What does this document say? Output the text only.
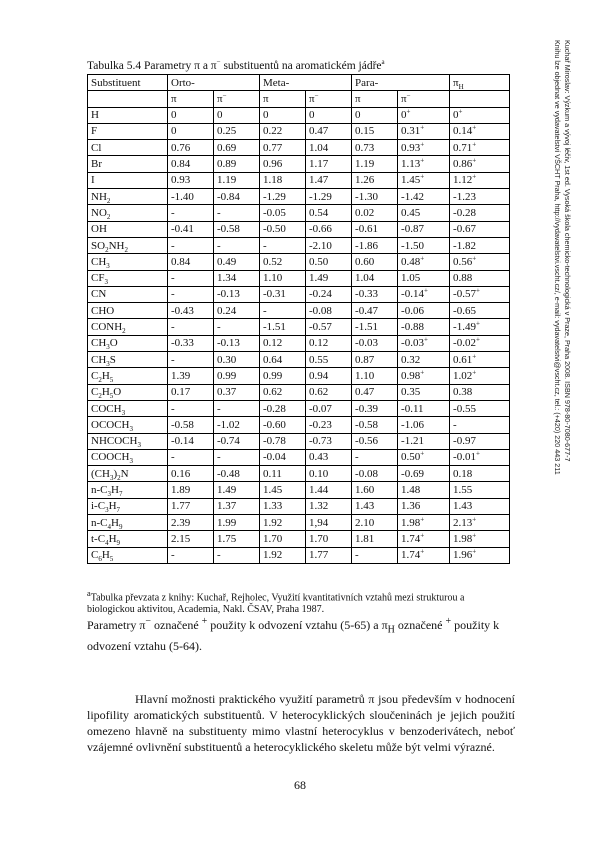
Tabulka 5.4 Parametry π a π− substituentů na aromatickém jádře$^a$
Substituent	Orto-		Meta-		Para-		$\pi_H$
	π	π−	π	π−	π	π−	
H	0	0	0	0	0	0+	0+
F	0	0.25	0.22	0.47	0.15	0.31+	0.14+
Cl	0.76	0.69	0.77	1.04	0.73	0.93+	0.71+
Br	0.84	0.89	0.96	1.17	1.19	1.13+	0.86+
I	0.93	1.19	1.18	1.47	1.26	1.45+	1.12+
$NH_2$	-1.40	-0.84	-1.29	-1.29	-1.30	-1.42	-1.23
$NO_2$	-	-	-0.05	0.54	0.02	0.45	-0.28
OH	-0.41	-0.58	-0.50	-0.66	-0.61	-0.87	-0.67
$SO_2NH_2$	-	-	-	-2.10	-1.86	-1.50	-1.82
$CH_3$	0.84	0.49	0.52	0.50	0.60	0.48+	0.56+
$CF_3$	-	1.34	1.10	1.49	1.04	1.05	0.88
CN	-	-0.13	-0.31	-0.24	-0.33	-0.14+	-0.57+
CHO	-0.43	0.24	-	-0.08	-0.47	-0.06	-0.65
$CONH_2$	-	-	-1.51	-0.57	-1.51	-0.88	-1.49+
$CH_3O$	-0.33	-0.13	0.12	0.12	-0.03	-0.03+	-0.02+
$CH_3S$	-	0.30	0.64	0.55	0.87	0.32	0.61+
$C_2H_5$	1.39	0.99	0.99	0.94	1.10	0.98+	1.02+
$C_2H_5O$	0.17	0.37	0.62	0.62	0.47	0.35	0.38
$COCH_3$	-	-	-0.28	-0.07	-0.39	-0.11	-0.55
$OCOCH_3$	-0.58	-1.02	-0.60	-0.23	-0.58	-1.06	-
$NHCOCH_3$	-0.14	-0.74	-0.78	-0.73	-0.56	-1.21	-0.97
$COOCH_3$	-	-	-0.04	0.43	-	0.50+	-0.01+
$(CH_3)_2N$	0.16	-0.48	0.11	0.10	-0.08	-0.69	0.18
$n-C_3H_7$	1.89	1.49	1.45	1.44	1.60	1.48	1.55
$i-C_3H_7$	1.77	1.37	1.33	1.32	1.43	1.36	1.43
$n-C_4H_9$	2.39	1.99	1.92	1,94	2.10	1.98+	2.13+
$t-C_4H_9$	2.15	1.75	1.70	1.70	1.81	1.74+	1.98+
$C_6H_5$	-	-	1.92	1.77	-	1.74+	1.96+
$^a$Tabulka převzata z knihy: Kuchař, Rejholec, Využití kvantitativních vztahů mezi strukturou a biologickou aktivitou, Academia, Nakl. ČSAV, Praha 1987.
Parametry π− označené + použity k odvození vztahu (5-65) a $\pi_H$ označené + použity k odvození vztahu (5-64).
Hlavní možnosti praktického využití parametrů π jsou především v hodnocení lipofility aromatických substituentů. V heterocyklických sloučeninách je jejich použití omezeno hlavně na substituenty mimo vlastní heterocyklus v benzoderivátech, neboť vzájemné ovlivnění substituentů a heterocyklického skeletu může být velmi výrazné.
68
Kuchař Miroslav: Výzkum a vývoj léčiv, 1st ed. Vysoká škola chemicko-technologická v Praze, Praha 2008. ISBN 978-80-7080-677-7
Knihu lze objednat ve vydavatelství VŠCHT Praha, http://vydavatelstvi.vscht.cz/, e-mail: vydavatelstvi@vscht.cz, tel.: (+420) 220 443 211
